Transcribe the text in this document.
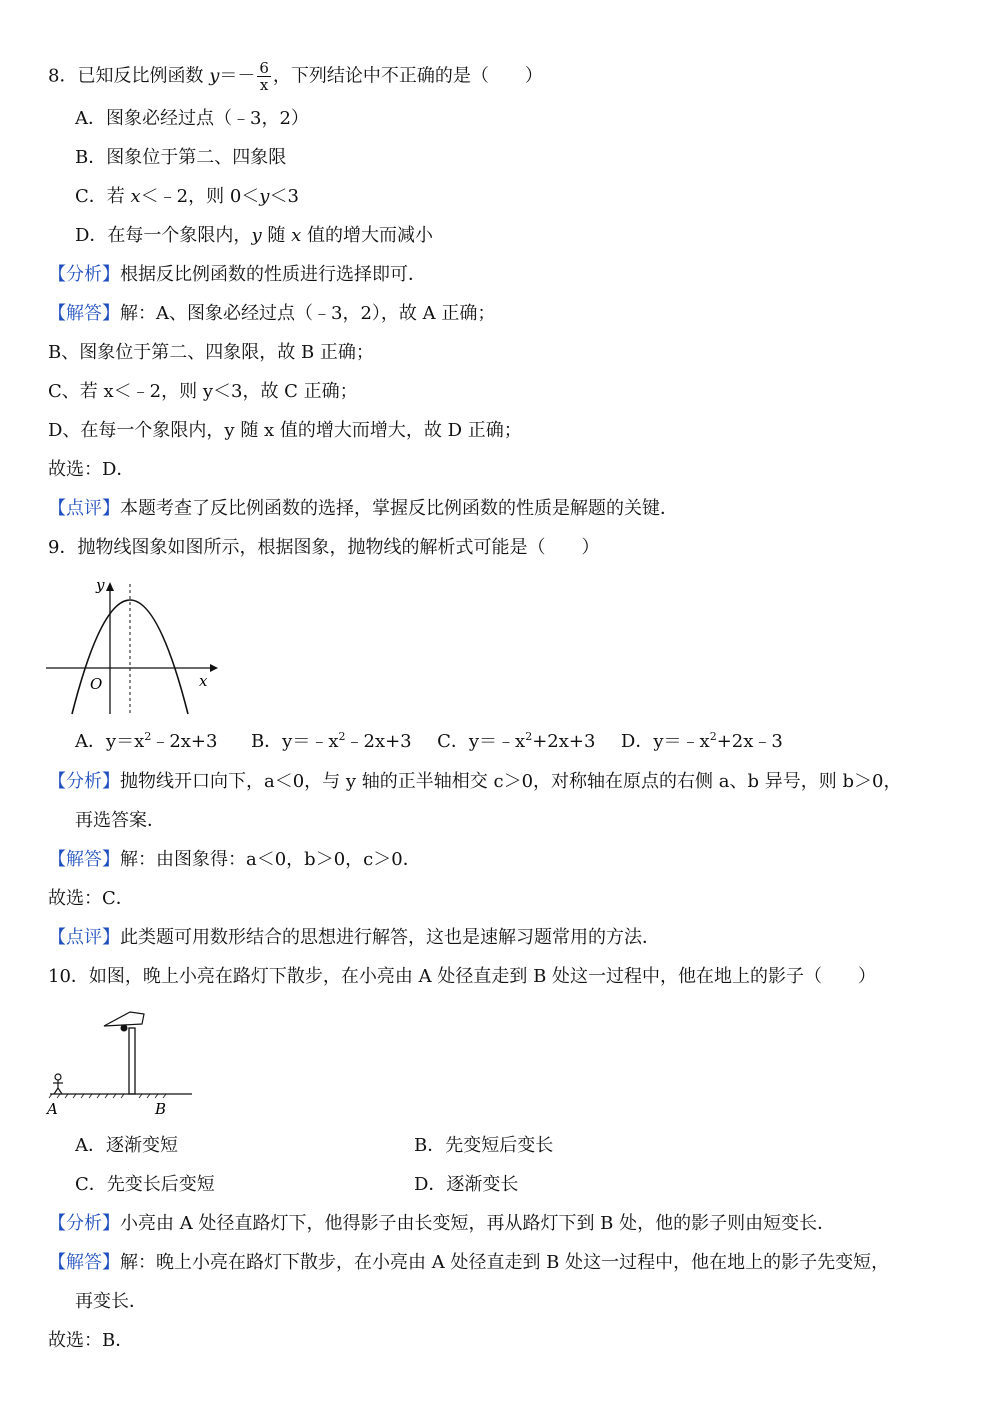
8．已知反比例函数 $y=- \frac{6}{x}$ ，下列结论中不正确的是（　　）
A．图象必经过点（﹣3，2）
B．图象位于第二、四象限
C．若 x＜﹣2，则 0＜y＜3
D．在每一个象限内，y 随 x 值的增大而减小
【分析】根据反比例函数的性质进行选择即可．
【解答】解：A、图象必经过点（﹣3，2），故 A 正确；
B、图象位于第二、四象限，故 B 正确；
C、若 x＜﹣2，则 y＜3，故 C 正确；
D、在每一个象限内，y 随 x 值的增大而增大，故 D 正确；
故选：D．
【点评】本题考查了反比例函数的选择，掌握反比例函数的性质是解题的关键．
9．抛物线图象如图所示，根据图象，抛物线的解析式可能是（　　）
y
x
O
A．$y=x^2﹣2x+3$ B．$y=﹣x^2﹣2x+3$ C．$y=﹣x^2+2x+3$ D．$y=﹣x^2+2x﹣3$
【分析】抛物线开口向下，a＜0，与 y 轴的正半轴相交 c＞0，对称轴在原点的右侧 a、b 异号，则 b＞0，
再选答案．
【解答】解：由图象得：a＜0，b＞0，c＞0．
故选：C．
【点评】此类题可用数形结合的思想进行解答，这也是速解习题常用的方法．
10．如图，晚上小亮在路灯下散步，在小亮由 A 处径直走到 B 处这一过程中，他在地上的影子（　　）
A	B
A．逐渐变短	B．先变短后变长
C．先变长后变短	D．逐渐变长
【分析】小亮由 A 处径直路灯下，他得影子由长变短，再从路灯下到 B 处，他的影子则由短变长．
【解答】解：晚上小亮在路灯下散步，在小亮由 A 处径直走到 B 处这一过程中，他在地上的影子先变短，
再变长．
故选：B．
